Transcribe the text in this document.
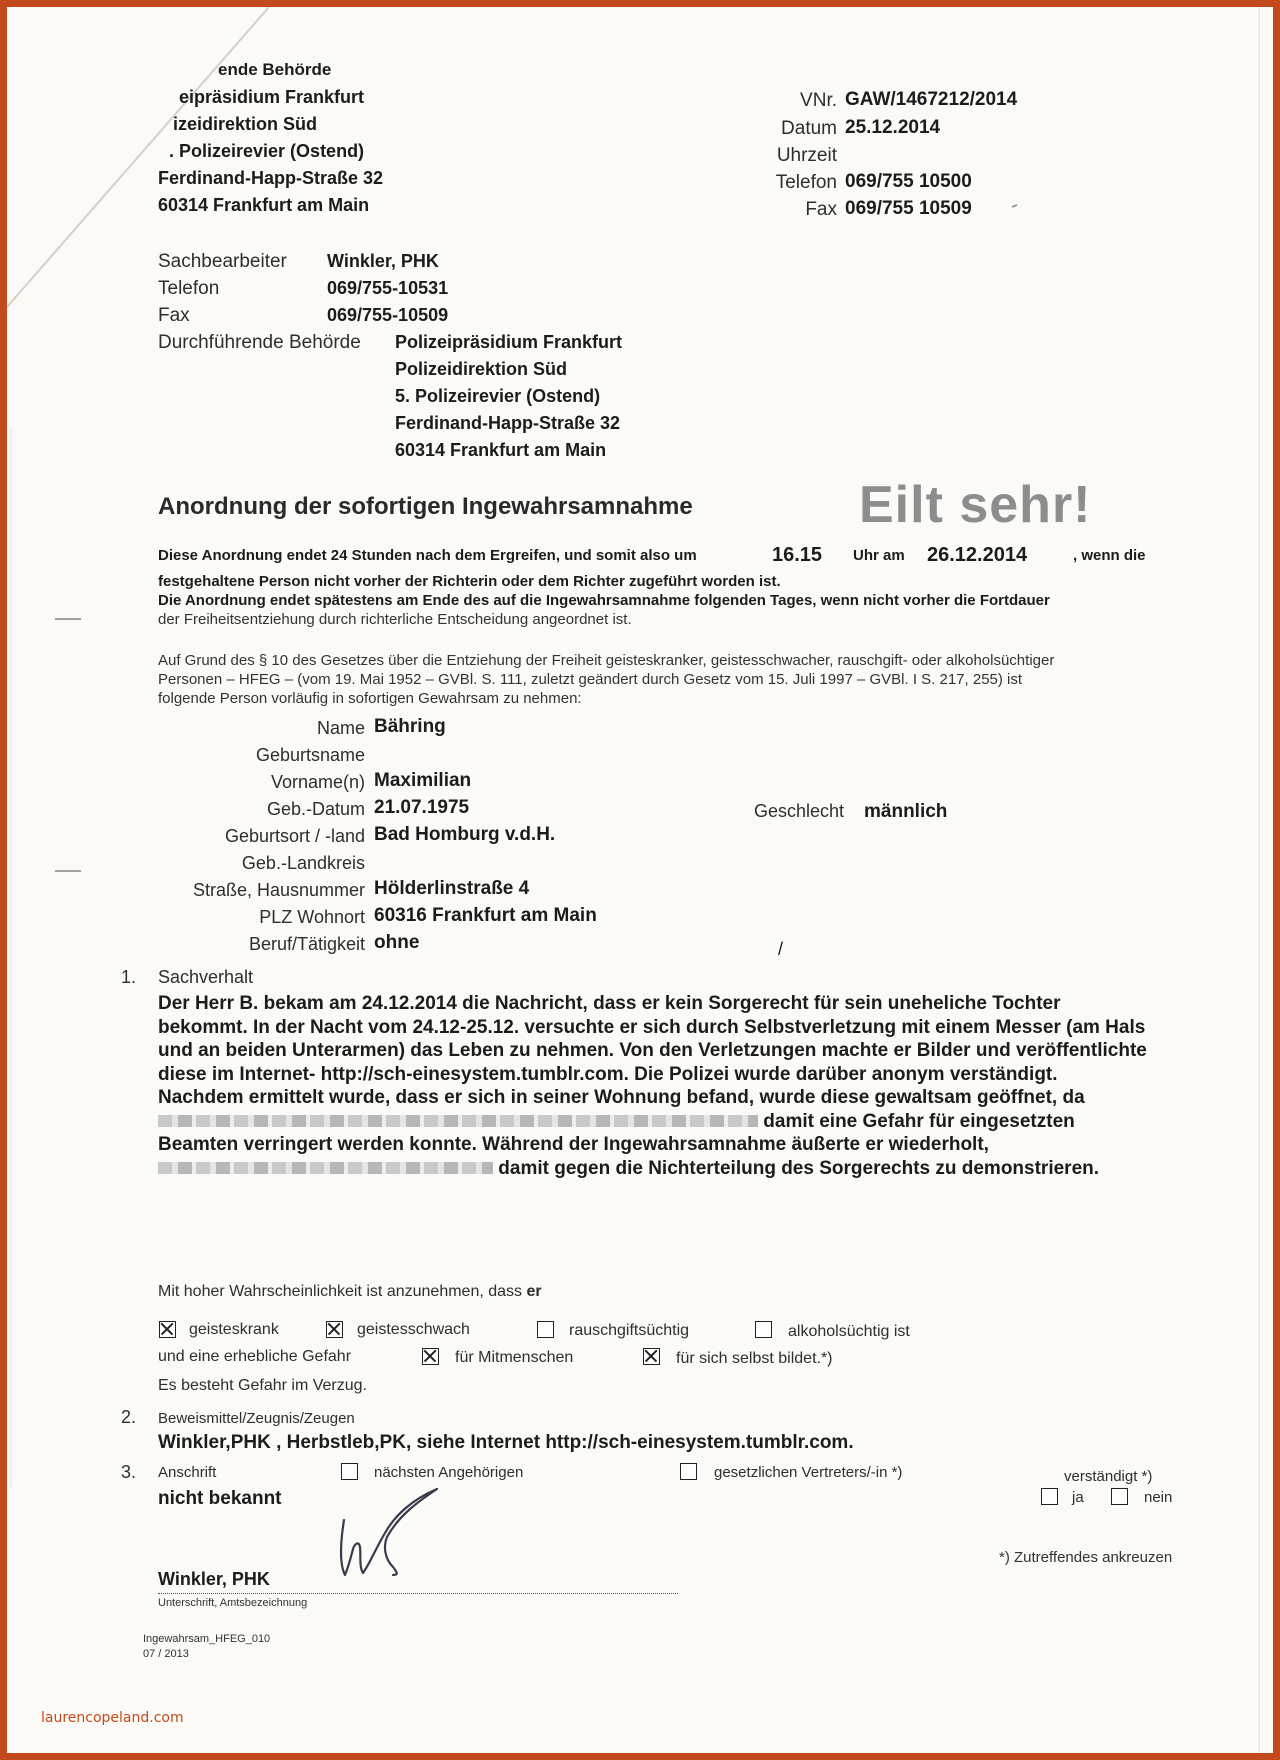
ende Behörde
eipräsidium Frankfurt
izeidirektion Süd
. Polizeirevier (Ostend)
Ferdinand-Happ-Straße 32
60314 Frankfurt am Main
VNr. GAW/1467212/2014
Datum 25.12.2014
Uhrzeit
Telefon 069/755 10500
Fax 069/755 10509
Sachbearbeiter Winkler, PHK
Telefon	069/755-10531
Fax	069/755-10509
Durchführende Behörde Polizeipräsidium Frankfurt
Polizeidirektion Süd
5. Polizeirevier (Ostend)
Ferdinand-Happ-Straße 32
60314 Frankfurt am Main
Anordnung der sofortigen Ingewahrsamnahme	Eilt sehr!
Diese Anordnung endet 24 Stunden nach dem Ergreifen, und somit also um	16.15 Uhr am 26.12.2014	, wenn die
festgehaltene Person nicht vorher der Richterin oder dem Richter zugeführt worden ist.
Die Anordnung endet spätestens am Ende des auf die Ingewahrsamnahme folgenden Tages, wenn nicht vorher die Fortdauer
der Freiheitsentziehung durch richterliche Entscheidung angeordnet ist.
Auf Grund des § 10 des Gesetzes über die Entziehung der Freiheit geisteskranker, geistesschwacher, rauschgift- oder alkoholsüchtiger
Personen – HFEG – (vom 19. Mai 1952 – GVBl. S. 111, zuletzt geändert durch Gesetz vom 15. Juli 1997 – GVBl. I S. 217, 255) ist
folgende Person vorläufig in sofortigen Gewahrsam zu nehmen:
Name Bähring
Geburtsname
Vorname(n) Maximilian
Geb.-Datum 21.07.1975	Geschlecht männlich
Geburtsort / -land Bad Homburg v.d.H.
Geb.-Landkreis
Straße, Hausnummer Hölderlinstraße 4
PLZ Wohnort 60316 Frankfurt am Main
Beruf/Tätigkeit ohne	/
1. Sachverhalt
Der Herr B. bekam am 24.12.2014 die Nachricht, dass er kein Sorgerecht für sein uneheliche Tochter bekommt. In der Nacht vom 24.12-25.12. versuchte er sich durch Selbstverletzung mit einem Messer (am Hals und an beiden Unterarmen) das Leben zu nehmen. Von den Verletzungen machte er Bilder und veröffentlichte diese im Internet- http://sch-einesystem.tumblr.com. Die Polizei wurde darüber anonym verständigt. Nachdem ermittelt wurde, dass er sich in seiner Wohnung befand, wurde diese gewaltsam geöffnet, da  damit eine Gefahr für eingesetzten Beamten verringert werden konnte. Während der Ingewahrsamnahme äußerte er wiederholt,  damit gegen die Nichterteilung des Sorgerechts zu demonstrieren.
Mit hoher Wahrscheinlichkeit ist anzunehmen, dass er
geisteskrank	geistesschwach	rauschgiftsüchtig	alkoholsüchtig ist
und eine erhebliche Gefahr	für Mitmenschen	für sich selbst bildet.*)
Es besteht Gefahr im Verzug.
2. Beweismittel/Zeugnis/Zeugen
Winkler,PHK , Herbstleb,PK, siehe Internet http://sch-einesystem.tumblr.com.
3. Anschrift	nächsten Angehörigen	gesetzlichen Vertreters/-in *)	verständigt *)
ja	nein
nicht bekannt
Winkler, PHK
Unterschrift, Amtsbezeichnung
*) Zutreffendes ankreuzen
Ingewahrsam_HFEG_010
07 / 2013
laurencopeland.com
